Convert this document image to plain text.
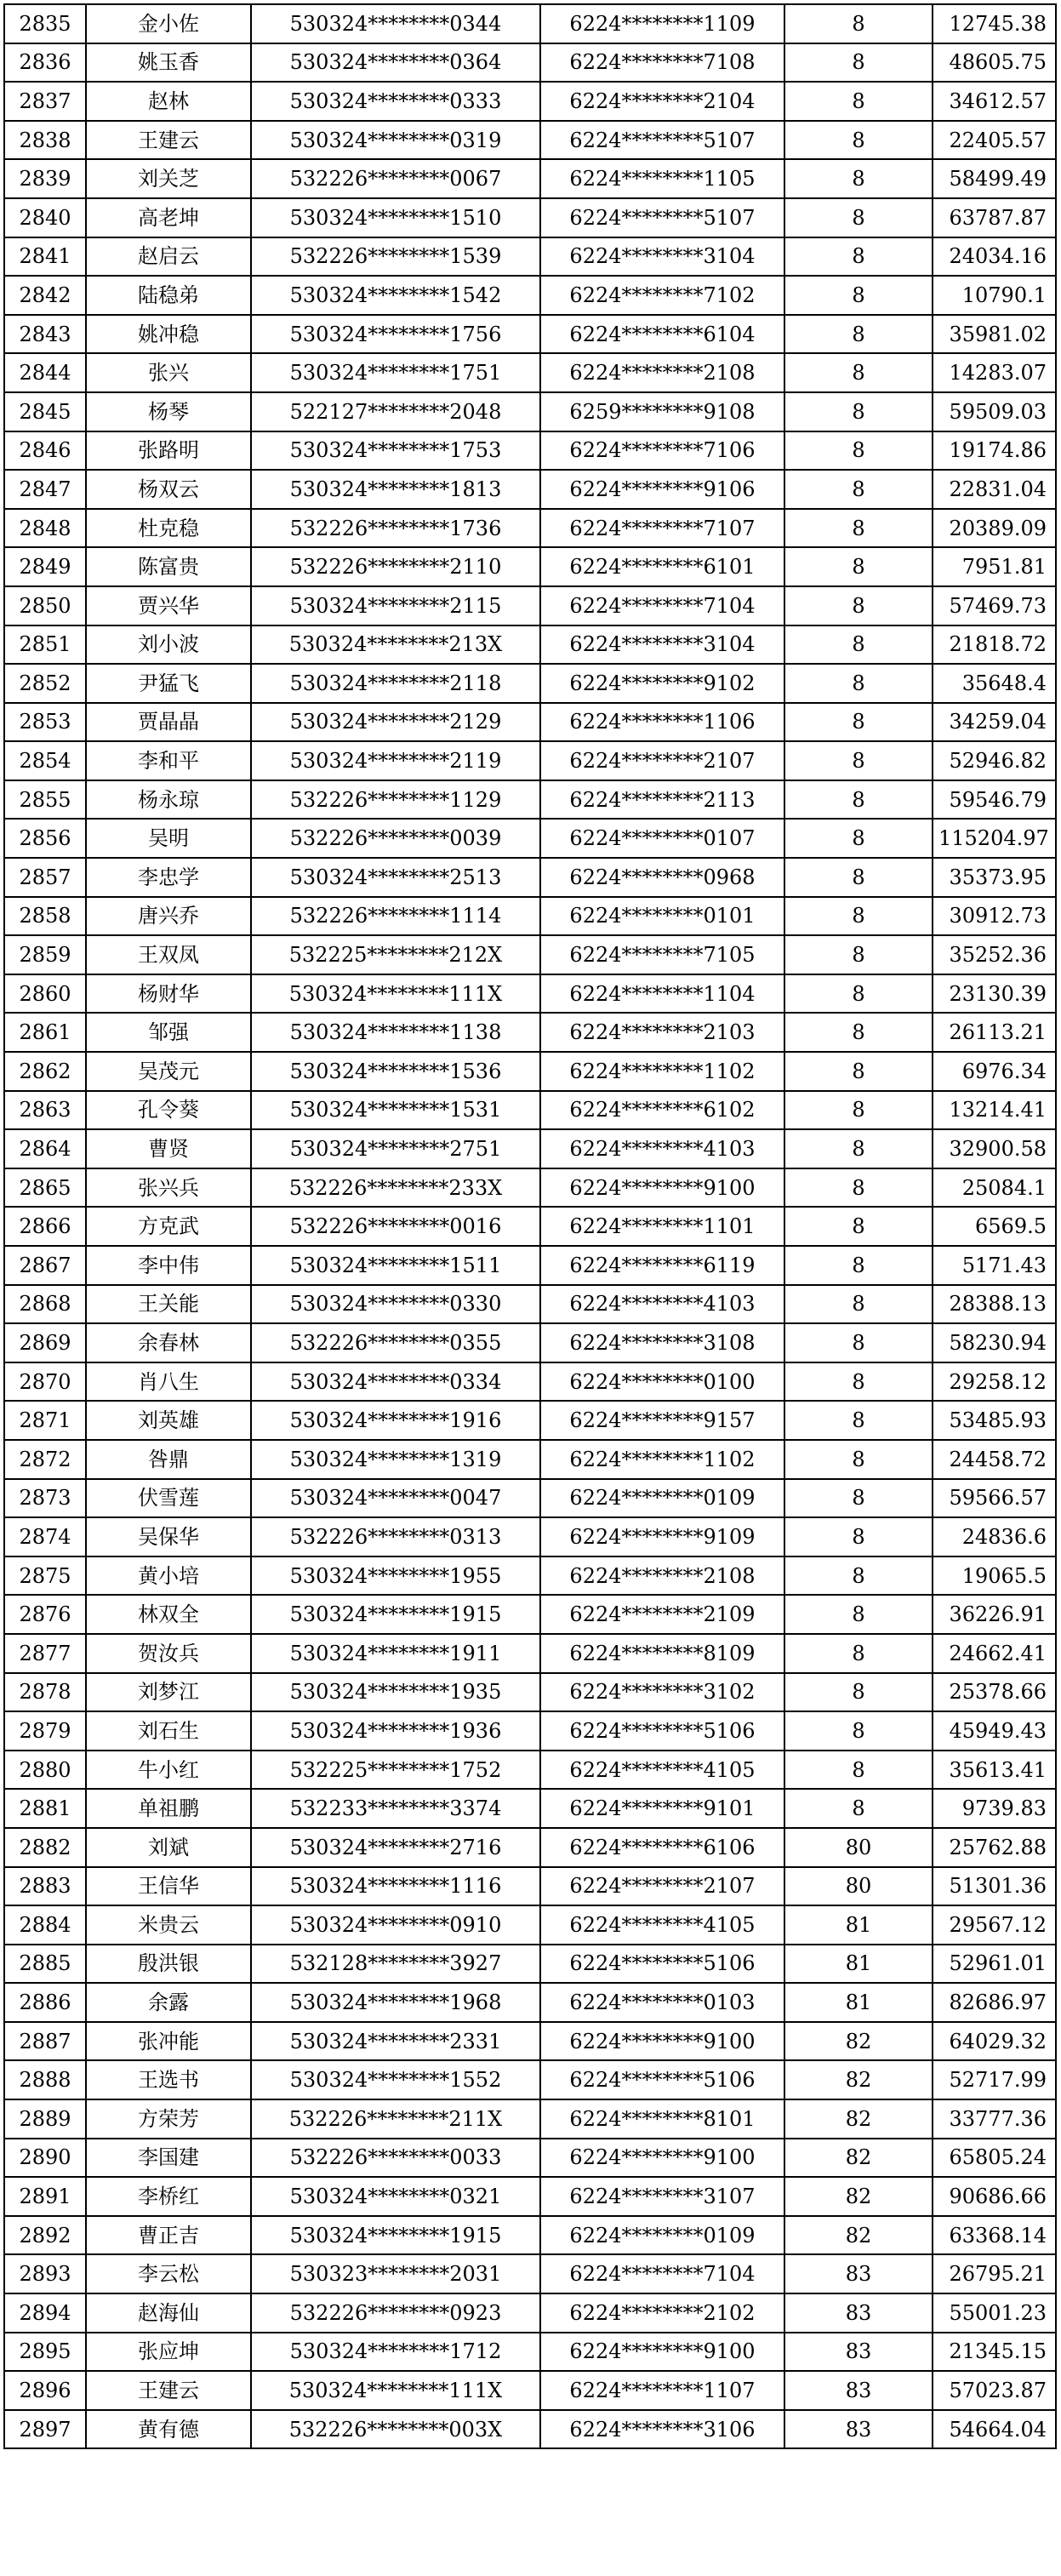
2835	金小佐	530324********0344	6224********1109	8	12745.38
2836	姚玉香	530324********0364	6224********7108	8	48605.75
2837	赵林	530324********0333	6224********2104	8	34612.57
2838	王建云	530324********0319	6224********5107	8	22405.57
2839	刘关芝	532226********0067	6224********1105	8	58499.49
2840	高老坤	530324********1510	6224********5107	8	63787.87
2841	赵启云	532226********1539	6224********3104	8	24034.16
2842	陆稳弟	530324********1542	6224********7102	8	10790.1
2843	姚冲稳	530324********1756	6224********6104	8	35981.02
2844	张兴	530324********1751	6224********2108	8	14283.07
2845	杨琴	522127********2048	6259********9108	8	59509.03
2846	张路明	530324********1753	6224********7106	8	19174.86
2847	杨双云	530324********1813	6224********9106	8	22831.04
2848	杜克稳	532226********1736	6224********7107	8	20389.09
2849	陈富贵	532226********2110	6224********6101	8	7951.81
2850	贾兴华	530324********2115	6224********7104	8	57469.73
2851	刘小波	530324********213X	6224********3104	8	21818.72
2852	尹猛飞	530324********2118	6224********9102	8	35648.4
2853	贾晶晶	530324********2129	6224********1106	8	34259.04
2854	李和平	530324********2119	6224********2107	8	52946.82
2855	杨永琼	532226********1129	6224********2113	8	59546.79
2856	吴明	532226********0039	6224********0107	8	115204.97
2857	李忠学	530324********2513	6224********0968	8	35373.95
2858	唐兴乔	532226********1114	6224********0101	8	30912.73
2859	王双凤	532225********212X	6224********7105	8	35252.36
2860	杨财华	530324********111X	6224********1104	8	23130.39
2861	邹强	530324********1138	6224********2103	8	26113.21
2862	吴茂元	530324********1536	6224********1102	8	6976.34
2863	孔令葵	530324********1531	6224********6102	8	13214.41
2864	曹贤	530324********2751	6224********4103	8	32900.58
2865	张兴兵	532226********233X	6224********9100	8	25084.1
2866	方克武	532226********0016	6224********1101	8	6569.5
2867	李中伟	530324********1511	6224********6119	8	5171.43
2868	王关能	530324********0330	6224********4103	8	28388.13
2869	余春林	532226********0355	6224********3108	8	58230.94
2870	肖八生	530324********0334	6224********0100	8	29258.12
2871	刘英雄	530324********1916	6224********9157	8	53485.93
2872	咎鼎	530324********1319	6224********1102	8	24458.72
2873	伏雪莲	530324********0047	6224********0109	8	59566.57
2874	吴保华	532226********0313	6224********9109	8	24836.6
2875	黄小培	530324********1955	6224********2108	8	19065.5
2876	林双全	530324********1915	6224********2109	8	36226.91
2877	贺汝兵	530324********1911	6224********8109	8	24662.41
2878	刘梦江	530324********1935	6224********3102	8	25378.66
2879	刘石生	530324********1936	6224********5106	8	45949.43
2880	牛小红	532225********1752	6224********4105	8	35613.41
2881	单祖鹏	532233********3374	6224********9101	8	9739.83
2882	刘斌	530324********2716	6224********6106	80	25762.88
2883	王信华	530324********1116	6224********2107	80	51301.36
2884	米贵云	530324********0910	6224********4105	81	29567.12
2885	殷洪银	532128********3927	6224********5106	81	52961.01
2886	余露	530324********1968	6224********0103	81	82686.97
2887	张冲能	530324********2331	6224********9100	82	64029.32
2888	王选书	530324********1552	6224********5106	82	52717.99
2889	方荣芳	532226********211X	6224********8101	82	33777.36
2890	李国建	532226********0033	6224********9100	82	65805.24
2891	李桥红	530324********0321	6224********3107	82	90686.66
2892	曹正吉	530324********1915	6224********0109	82	63368.14
2893	李云松	530323********2031	6224********7104	83	26795.21
2894	赵海仙	532226********0923	6224********2102	83	55001.23
2895	张应坤	530324********1712	6224********9100	83	21345.15
2896	王建云	530324********111X	6224********1107	83	57023.87
2897	黄有德	532226********003X	6224********3106	83	54664.04
